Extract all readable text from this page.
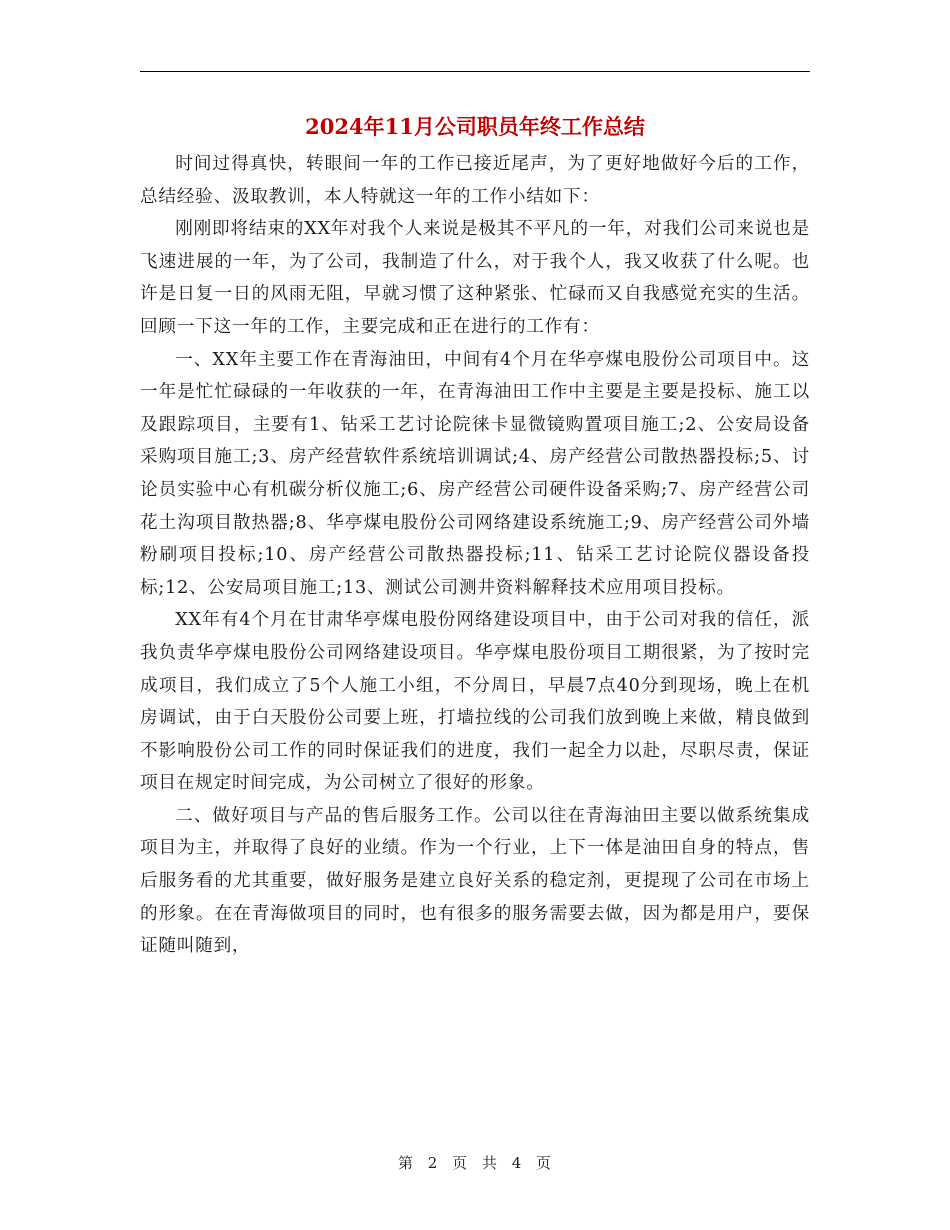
2024年11月公司职员年终工作总结

时间过得真快，转眼间一年的工作已接近尾声，为了更好地做好今后的工作，总结经验、汲取教训，本人特就这一年的工作小结如下：

刚刚即将结束的XX年对我个人来说是极其不平凡的一年，对我们公司来说也是飞速进展的一年，为了公司，我制造了什么，对于我个人，我又收获了什么呢。也许是日复一日的风雨无阻，早就习惯了这种紧张、忙碌而又自我感觉充实的生活。回顾一下这一年的工作，主要完成和正在进行的工作有：

一、XX年主要工作在青海油田，中间有4个月在华亭煤电股份公司项目中。这一年是忙忙碌碌的一年收获的一年，在青海油田工作中主要是主要是投标、施工以及跟踪项目，主要有1、钻采工艺讨论院徕卡显微镜购置项目施工;2、公安局设备采购项目施工;3、房产经营软件系统培训调试;4、房产经营公司散热器投标;5、讨论员实验中心有机碳分析仪施工;6、房产经营公司硬件设备采购;7、房产经营公司花土沟项目散热器;8、华亭煤电股份公司网络建设系统施工;9、房产经营公司外墙粉刷项目投标;10、房产经营公司散热器投标;11、钻采工艺讨论院仪器设备投标;12、公安局项目施工;13、测试公司测井资料解释技术应用项目投标。

XX年有4个月在甘肃华亭煤电股份网络建设项目中，由于公司对我的信任，派我负责华亭煤电股份公司网络建设项目。华亭煤电股份项目工期很紧，为了按时完成项目，我们成立了5个人施工小组，不分周日，早晨7点40分到现场，晚上在机房调试，由于白天股份公司要上班，打墙拉线的公司我们放到晚上来做，精良做到不影响股份公司工作的同时保证我们的进度，我们一起全力以赴，尽职尽责，保证项目在规定时间完成，为公司树立了很好的形象。

二、做好项目与产品的售后服务工作。公司以往在青海油田主要以做系统集成项目为主，并取得了良好的业绩。作为一个行业，上下一体是油田自身的特点，售后服务看的尤其重要，做好服务是建立良好关系的稳定剂，更提现了公司在市场上的形象。在在青海做项目的同时，也有很多的服务需要去做，因为都是用户，要保证随叫随到，

第 2 页 共 4 页
